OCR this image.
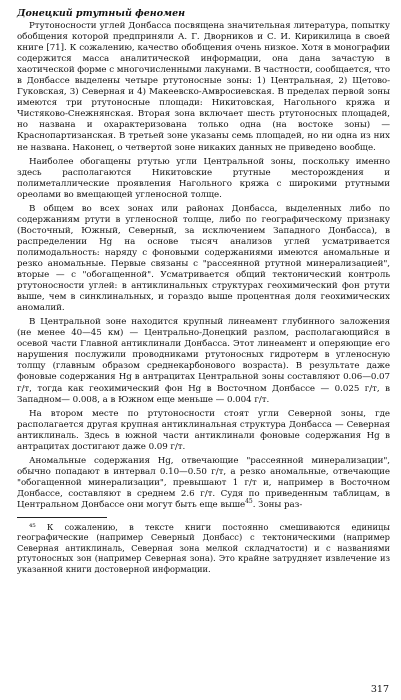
Донецкий ртутный феномен

Ртутоносности углей Донбасса посвящена значительная литература, попытку обобщения которой предприняли А. Г. Дворников и С. И. Кирикилица в своей книге [71]. К сожалению, качество обобщения очень низкое. Хотя в монографии содержится масса аналитической информации, она дана зачастую в хаотической форме с многочисленными лакунами. В частности, сообщается, что в Донбассе выделены четыре ртутоносные зоны: 1) Центральная, 2) Щетово-Гуковская, 3) Северная и 4) Макеевско-Амвросиевская. В пределах первой зоны имеются три ртутоносные площади: Никитовская, Нагольного кряжа и Чистяково-Снежнянская. Вторая зона включает шесть ртутоносных площадей, но названа и охарактеризована только одна (на востоке зоны) — Краснопартизанская. В третьей зоне указаны семь площадей, но ни одна из них не названа. Наконец, о четвертой зоне никаких данных не приведено вообще.

Наиболее обогащены ртутью угли Центральной зоны, поскольку именно здесь располагаются Никитовские ртутные месторождения и полиметаллические проявления Нагольного кряжа с широкими ртутными ореолами во вмещающей угленосной толще.

В общем во всех зонах или районах Донбасса, выделенных либо по содержаниям ртути в угленосной толще, либо по географическому признаку (Восточный, Южный, Северный, за исключением Западного Донбасса), в распределении Hg на основе тысяч анализов углей усматривается полимодальность: наряду с фоновыми содержаниями имеются аномальные и резко аномальные. Первые связаны с "рассеянной ртутной минерализацией", вторые — с "обогащенной". Усматривается общий тектонический контроль ртутоносности углей: в антиклинальных структурах геохимический фон ртути выше, чем в синклинальных, и гораздо выше процентная доля геохимических аномалий.

В Центральной зоне находится крупный линеамент глубинного заложения (не менее 40—45 км) — Центрально-Донецкий разлом, располагающийся в осевой части Главной антиклинали Донбасса. Этот линеамент и оперяющие его нарушения послужили проводниками ртутоносных гидротерм в угленосную толщу (главным образом среднекарбонового возраста). В результате даже фоновые содержания Hg в антрацитах Центральной зоны составляют 0.06—0.07 г/т, тогда как геохимический фон Hg в Восточном Донбассе — 0.025 г/т, в Западном— 0.008, а в Южном еще меньше — 0.004 г/т.

На втором месте по ртутоносности стоят угли Северной зоны, где располагается другая крупная антиклинальная структура Донбасса — Северная антиклиналь. Здесь в южной части антиклинали фоновые содержания Hg в антрацитах достигают даже 0.09 г/т.

Аномальные содержания Hg, отвечающие "рассеянной минерализации", обычно попадают в интервал 0.10—0.50 г/т, а резко аномальные, отвечающие "обогащенной минерализации", превышают 1 г/т и, например в Восточном Донбассе, составляют в среднем 2.6 г/т. Судя по приведенным таблицам, в Центральном Донбассе они могут быть еще выше$^{45}$. Зоны раз-

⁴⁵ К сожалению, в тексте книги постоянно смешиваются единицы географические (например Северный Донбасс) с тектоническими (например Северная антиклиналь, Северная зона мелкой складчатости) и с названиями ртутоносных зон (например Северная зона). Это крайне затрудняет извлечение из указанной книги достоверной информации.

317
